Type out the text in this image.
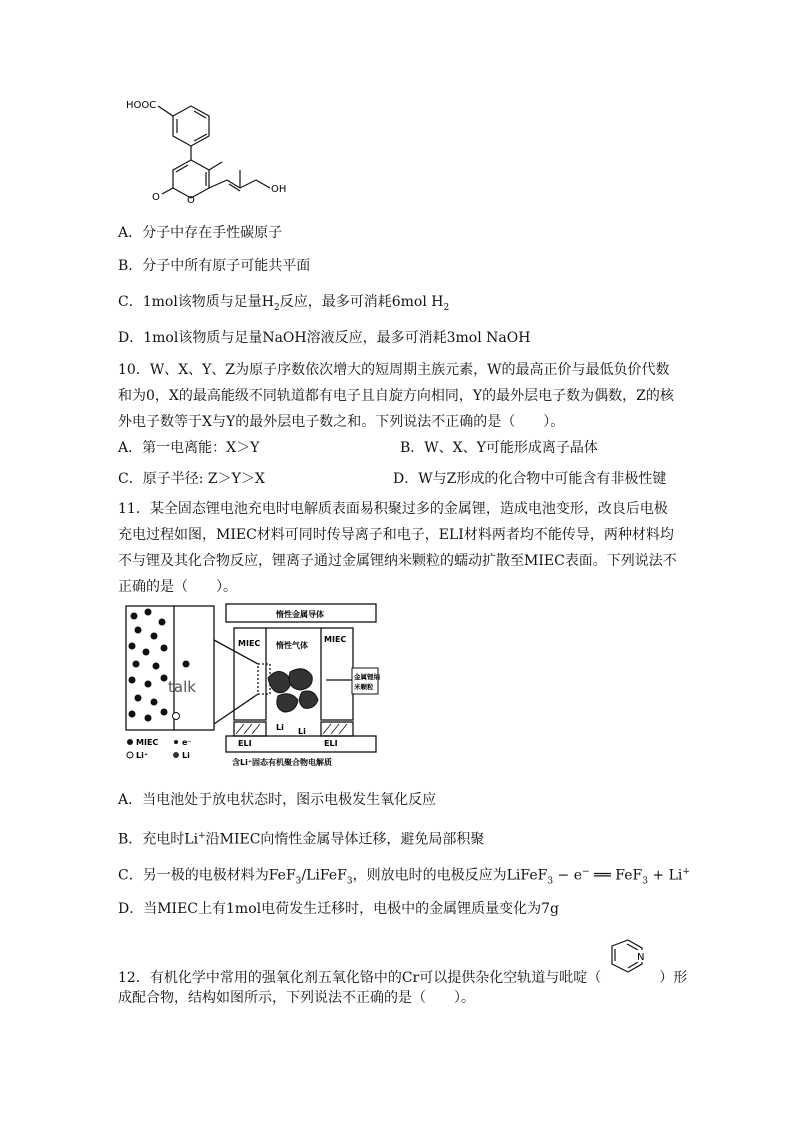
HOOC
OH
O	O
A．分子中存在手性碳原子
B．分子中所有原子可能共平面
C．1mol该物质与足量$H_2$反应，最多可消耗6mol $H_2$
D．1mol该物质与足量NaOH溶液反应，最多可消耗3mol NaOH
10．W、X、Y、Z为原子序数依次增大的短周期主族元素，W的最高正价与最低负价代数和为0，X的最高能级不同轨道都有电子且自旋方向相同，Y的最外层电子数为偶数，Z的核外电子数等于X与Y的最外层电子数之和。下列说法不正确的是（　　）。
A．第一电离能：X＞Y	B．W、X、Y可能形成离子晶体
C．原子半径: Z＞Y＞X	D．W与Z形成的化合物中可能含有非极性键
11．某全固态锂电池充电时电解质表面易积聚过多的金属锂，造成电池变形，改良后电极充电过程如图，MIEC材料可同时传导离子和电子，ELI材料两者均不能传导，两种材料均不与锂及其化合物反应，锂离子通过金属锂纳米颗粒的蠕动扩散至MIEC表面。下列说法不正确的是（　　）。
惰性金属导体
MIEC	MIEC
惰性气体
金属锂纳
米颗粒
Li Li
ELI	ELI
含Li⁺固态有机聚合物电解质
talk
MIEC	e⁻
Li⁺	Li
A．当电池处于放电状态时，图示电极发生氧化反应
B．充电时Li+沿MIEC向惰性金属导体迁移，避免局部积聚
C．另一极的电极材料为FeF$_3$/LiFeF$_3$，则放电时的电极反应为LiFeF$_3$ − e− ══ FeF$_3$ + Li+
D．当MIEC上有1mol电荷发生迁移时，电极中的金属锂质量变化为7g
12．有机化学中常用的强氧化剂五氧化铬中的Cr可以提供杂化空轨道与吡啶（	）形
N
成配合物，结构如图所示，下列说法不正确的是（　　）。
